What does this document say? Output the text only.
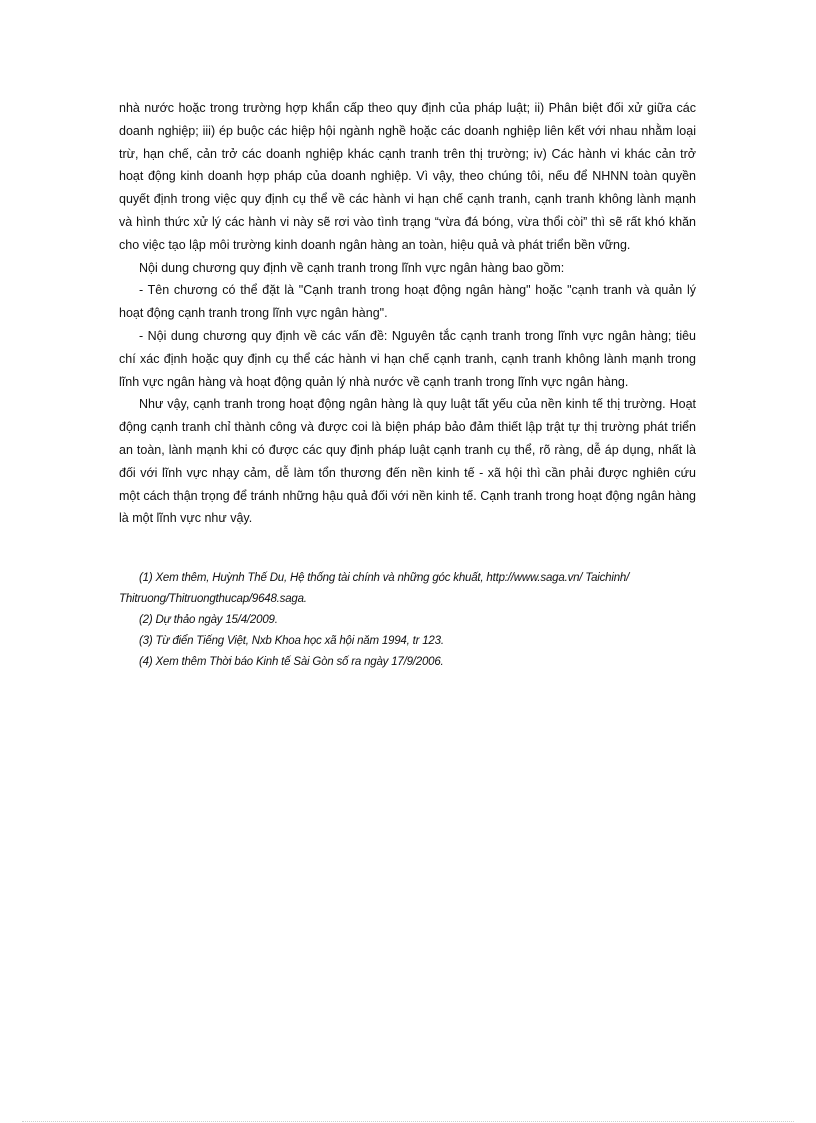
nhà nước hoặc trong trường hợp khẩn cấp theo quy định của pháp luật; ii) Phân biệt đối xử giữa các doanh nghiệp; iii) ép buộc các hiệp hội ngành nghề hoặc các doanh nghiệp liên kết với nhau nhằm loại trừ, hạn chế, cản trở các doanh nghiệp khác cạnh tranh trên thị trường; iv) Các hành vi khác cản trở hoạt động kinh doanh hợp pháp của doanh nghiệp. Vì vậy, theo chúng tôi, nếu để NHNN toàn quyền quyết định trong việc quy định cụ thể về các hành vi hạn chế cạnh tranh, cạnh tranh không lành mạnh và hình thức xử lý các hành vi này sẽ rơi vào tình trạng “vừa đá bóng, vừa thổi còi” thì sẽ rất khó khăn cho việc tạo lập môi trường kinh doanh ngân hàng an toàn, hiệu quả và phát triển bền vững.

Nội dung chương quy định về cạnh tranh trong lĩnh vực ngân hàng bao gồm:

- Tên chương có thể đặt là "Cạnh tranh trong hoạt động ngân hàng" hoặc "cạnh tranh và quản lý hoạt động cạnh tranh trong lĩnh vực ngân hàng".

- Nội dung chương quy định về các vấn đề: Nguyên tắc cạnh tranh trong lĩnh vực ngân hàng; tiêu chí xác định hoặc quy định cụ thể các hành vi hạn chế cạnh tranh, cạnh tranh không lành mạnh trong lĩnh vực ngân hàng và hoạt động quản lý nhà nước về cạnh tranh trong lĩnh vực ngân hàng.

Như vậy, cạnh tranh trong hoạt động ngân hàng là quy luật tất yếu của nền kinh tế thị trường. Hoạt động cạnh tranh chỉ thành công và được coi là biện pháp bảo đảm thiết lập trật tự thị trường phát triển an toàn, lành mạnh khi có được các quy định pháp luật cạnh tranh cụ thể, rõ ràng, dễ áp dụng, nhất là đối với lĩnh vực nhạy cảm, dễ làm tổn thương đến nền kinh tế - xã hội thì cần phải được nghiên cứu một cách thận trọng để tránh những hậu quả đối với nền kinh tế. Cạnh tranh trong hoạt động ngân hàng là một lĩnh vực như vậy.

(1) Xem thêm, Huỳnh Thế Du, Hệ thống tài chính và những góc khuất, http://www.saga.vn/ Taichinh/ Thitruong/Thitruongthucap/9648.saga.

(2) Dự thảo ngày 15/4/2009.

(3) Từ điển Tiếng Việt, Nxb Khoa học xã hội năm 1994, tr 123.

(4) Xem thêm Thời báo Kinh tế Sài Gòn số ra ngày 17/9/2006.
